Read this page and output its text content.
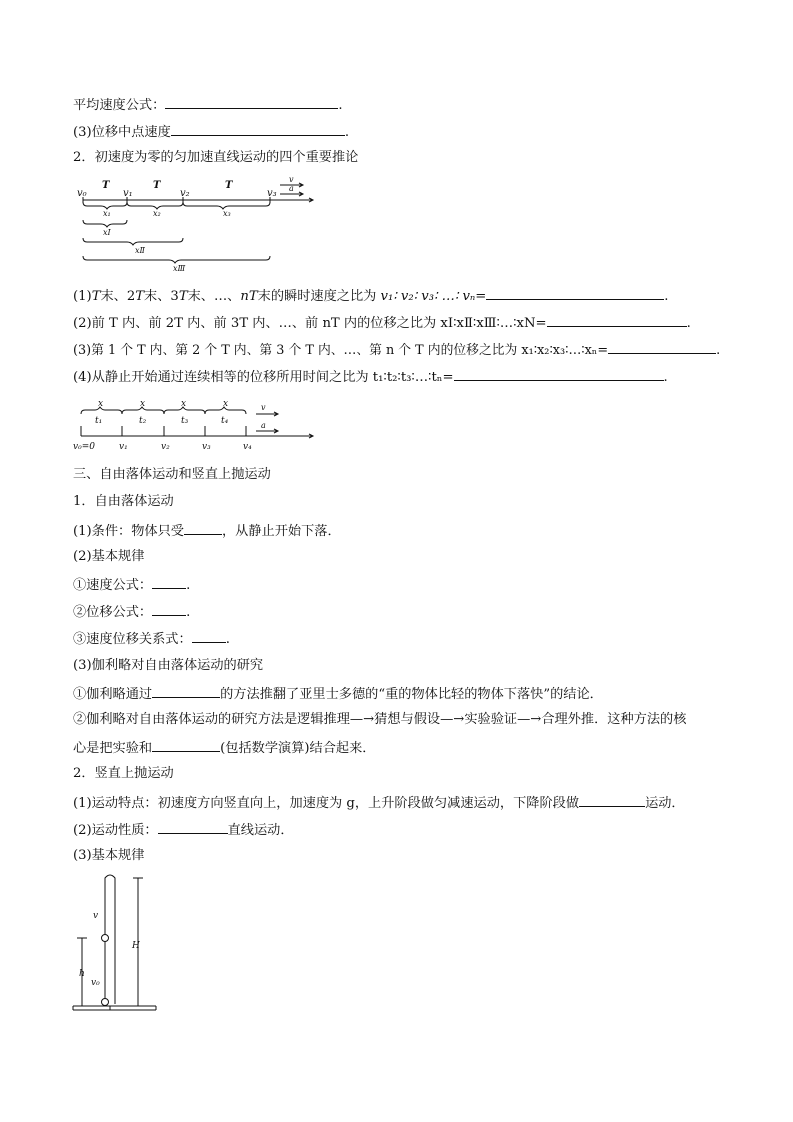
平均速度公式：	.
(3)位移中点速度	.
2．初速度为零的匀加速直线运动的四个重要推论
v₀	v₁	v₂	v₃
T	T	T
v
a
x₁	x₂	x₃
xⅠ
xⅡ
xⅢ
(1)T末、2T末、3T末、…、nT末的瞬时速度之比为 v₁∶ v₂∶ v₃∶ …∶ vₙ=	.
(2)前 T 内、前 2T 内、前 3T 内、…、前 nT 内的位移之比为 xⅠ∶xⅡ∶xⅢ∶…∶xN=	.
(3)第 1 个 T 内、第 2 个 T 内、第 3 个 T 内、…、第 n 个 T 内的位移之比为 x₁∶x₂∶x₃∶…∶xₙ=	.
(4)从静止开始通过连续相等的位移所用时间之比为 t₁∶t₂∶t₃∶…∶tₙ=	.
x	x	x	x
t₁	t₂	t₃	t₄
v₀=0	v₁	v₂	v₃	v₄
v
a
三、自由落体运动和竖直上抛运动
1．自由落体运动
(1)条件：物体只受	，从静止开始下落．
(2)基本规律
①速度公式：	.
②位移公式：	.
③速度位移关系式：	.
(3)伽利略对自由落体运动的研究
①伽利略通过	的方法推翻了亚里士多德的“重的物体比轻的物体下落快”的结论．
②伽利略对自由落体运动的研究方法是逻辑推理—→猜想与假设—→实验验证—→合理外推．这种方法的核
心是把实验和	(包括数学演算)结合起来．
2．竖直上抛运动
(1)运动特点：初速度方向竖直向上，加速度为 g，上升阶段做匀减速运动，下降阶段做	运动．
(2)运动性质：	直线运动．
(3)基本规律
v
h
v₀
H
